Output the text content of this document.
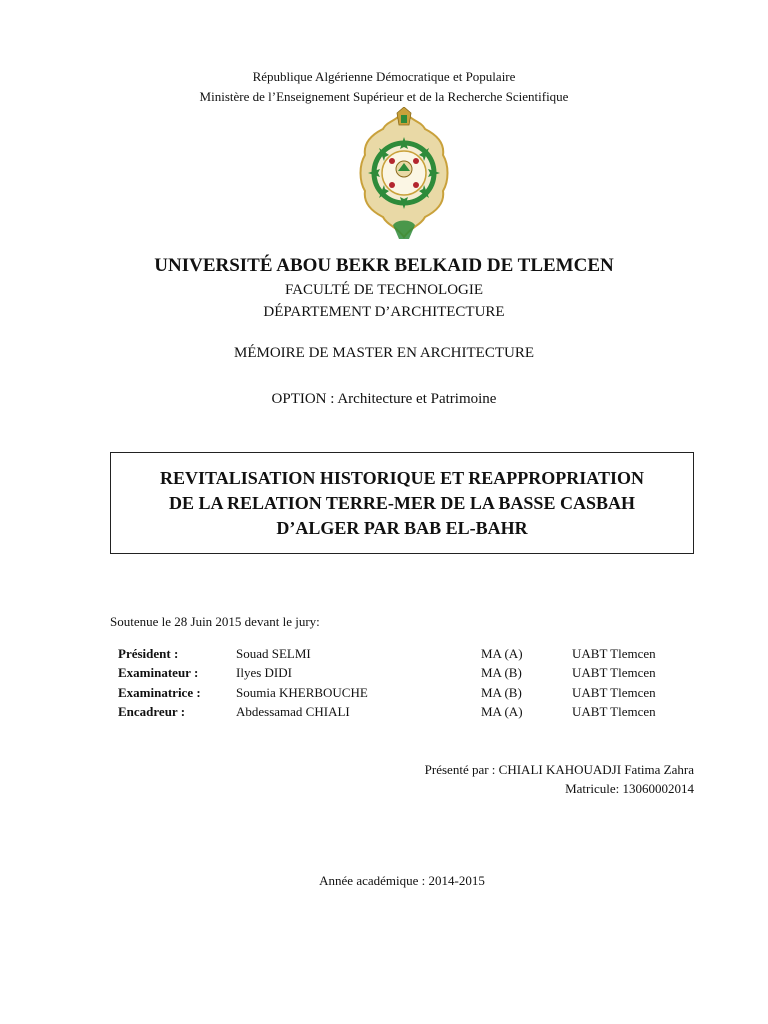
République Algérienne Démocratique et Populaire
Ministère de l’Enseignement Supérieur et de la Recherche Scientifique
UNIVERSITÉ ABOU BEKR BELKAID DE TLEMCEN
FACULTÉ DE TECHNOLOGIE
DÉPARTEMENT D’ARCHITECTURE
MÉMOIRE DE MASTER EN ARCHITECTURE
OPTION : Architecture et Patrimoine
REVITALISATION HISTORIQUE ET REAPPROPRIATION
DE LA RELATION TERRE-MER DE LA BASSE CASBAH
D’ALGER PAR BAB EL-BAHR
Soutenue le 28 Juin 2015 devant le jury:
Président :	Souad SELMI	MA (A)	UABT Tlemcen
Examinateur :	Ilyes DIDI	MA (B)	UABT Tlemcen
Examinatrice :	Soumia KHERBOUCHE	MA (B)	UABT Tlemcen
Encadreur :	Abdessamad CHIALI	MA (A)	UABT Tlemcen
Présenté par : CHIALI KAHOUADJI Fatima Zahra
Matricule: 13060002014
Année académique : 2014-2015
